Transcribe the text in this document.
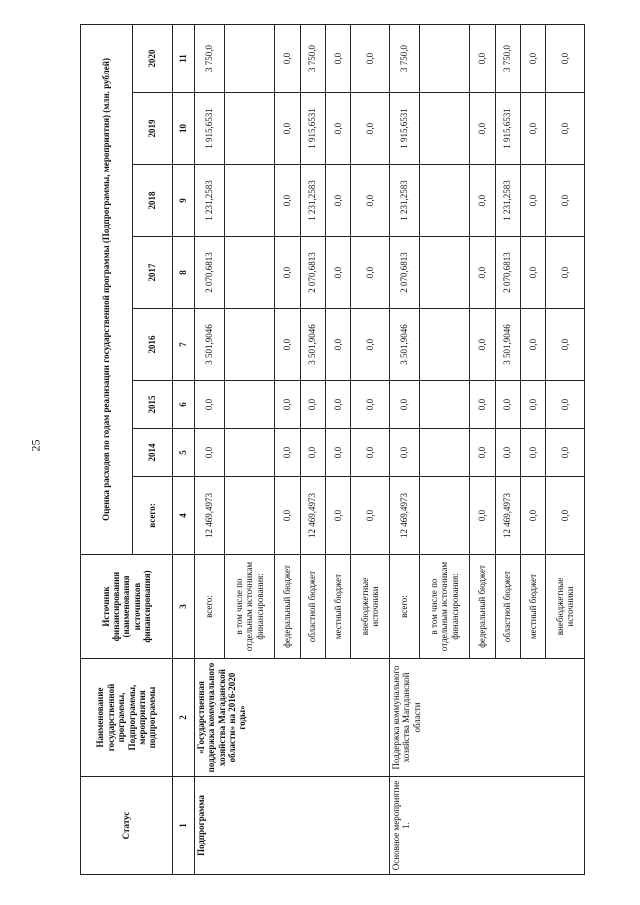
25
Статус	Наименование государственной программы, Подпрограммы, мероприятия подпрограммы	Источник финансирования (наименования источников финансирования)	Оценка расходов по годам реализации государственной программы (Подпрограммы, мероприятия) (млн. рублей)							
			всего:	2014	2015	2016	2017	2018	2019	2020
1	2	3	4	5	6	7	8	9	10	11
Подпрограмма	«Государственная поддержка коммунального хозяйства Магаданской области» на 2016-2020 годы»	всего:	12 469,4973	0,0	0,0	3 501,9046	2 070,6813	1 231,2583	1 915,6531	3 750,0
		в том числе по отдельным источникам финансирования:								
		федеральный бюджет	0,0	0,0	0,0	0,0	0,0	0,0	0,0	0,0
		областной бюджет	12 469,4973	0,0	0,0	3 501,9046	2 070,6813	1 231,2583	1 915,6531	3 750,0
		местный бюджет	0,0	0,0	0,0	0,0	0,0	0,0	0,0	0,0
		внебюджетные источники	0,0	0,0	0,0	0,0	0,0	0,0	0,0	0,0
Основное мероприятие 1.	Поддержка коммунального хозяйства Магаданской области	всего:	12 469,4973	0,0	0,0	3 501,9046	2 070,6813	1 231,2583	1 915,6531	3 750,0
		в том числе по отдельным источникам финансирования:								
		федеральный бюджет	0,0	0,0	0,0	0,0	0,0	0,0	0,0	0,0
		областной бюджет	12 469,4973	0,0	0,0	3 501,9046	2 070,6813	1 231,2583	1 915,6531	3 750,0
		местный бюджет	0,0	0,0	0,0	0,0	0,0	0,0	0,0	0,0
		внебюджетные источники	0,0	0,0	0,0	0,0	0,0	0,0	0,0	0,0
